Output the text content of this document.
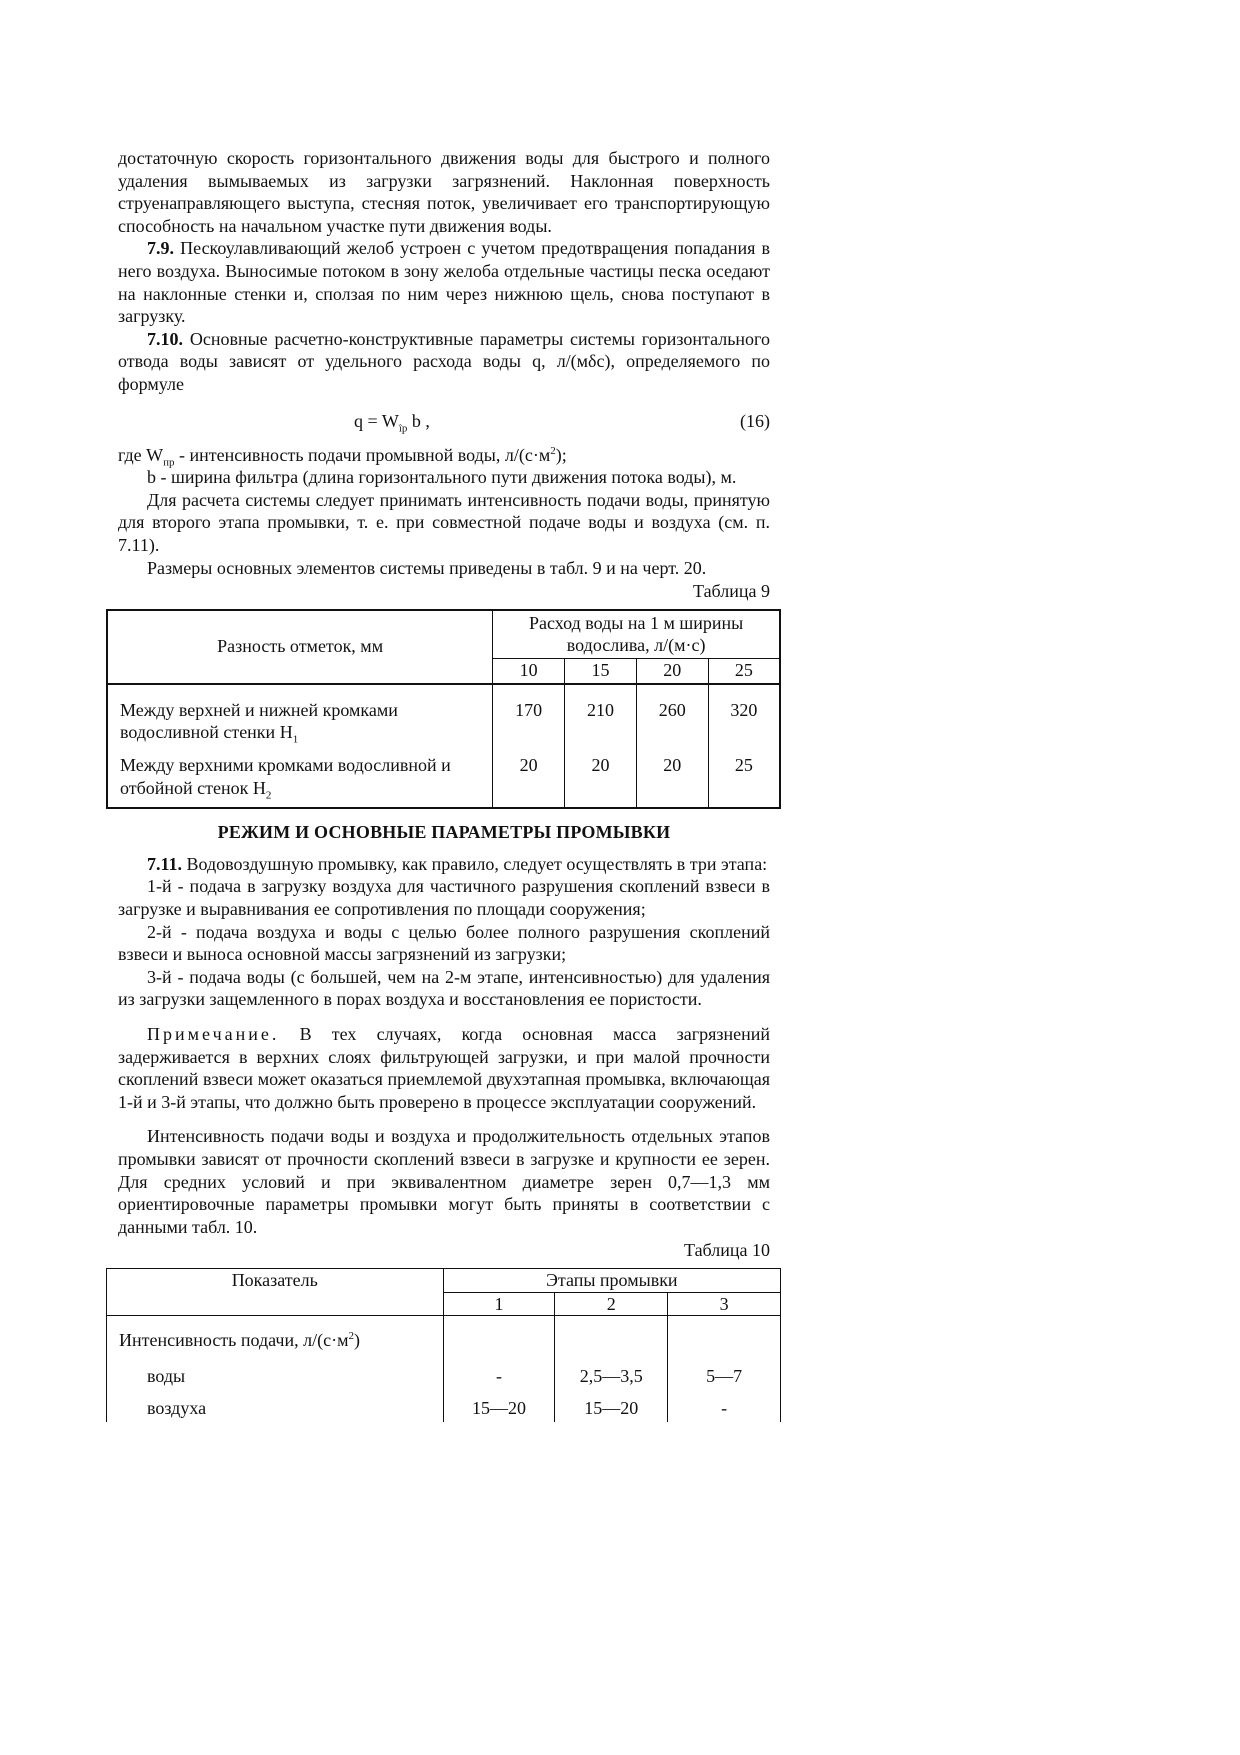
достаточную скорость горизонтального движения воды для быстрого и полного удаления вымываемых из загрузки загрязнений. Наклонная поверхность струенаправляющего выступа, стесняя поток, увеличивает его транспортирующую способность на начальном участке пути движения воды.

7.9. Пескоулавливающий желоб устроен с учетом предотвращения попадания в него воздуха. Выносимые потоком в зону желоба отдельные частицы песка оседают на наклонные стенки и, сползая по ним через нижнюю щель, снова поступают в загрузку.

7.10. Основные расчетно-конструктивные параметры системы горизонтального отвода воды зависят от удельного расхода воды q, л/(мδс), определяемого по формуле

$q = W_{îp}$ b ,	(16)

где $W_{пр}$ - интенсивность подачи промывной воды, $л/(с\cdot м^2)$;

b - ширина фильтра (длина горизонтального пути движения потока воды), м.

Для расчета системы следует принимать интенсивность подачи воды, принятую для второго этапа промывки, т. е. при совместной подаче воды и воздуха (см. п. 7.11).

Размеры основных элементов системы приведены в табл. 9 и на черт. 20.

Таблица 9
Разность отметок, мм	Расход воды на 1 м ширины водослива, л/(м·с)			
	10	15	20	25
Между верхней и нижней кромками водосливной стенки $H_1$	170	210	260	320
Между верхними кромками водосливной и отбойной стенок $H_2$	20	20	20	25
РЕЖИМ И ОСНОВНЫЕ ПАРАМЕТРЫ ПРОМЫВКИ

7.11. Водовоздушную промывку, как правило, следует осуществлять в три этапа:

1-й - подача в загрузку воздуха для частичного разрушения скоплений взвеси в загрузке и выравнивания ее сопротивления по площади сооружения;

2-й - подача воздуха и воды с целью более полного разрушения скоплений взвеси и выноса основной массы загрязнений из загрузки;

3-й - подача воды (с большей, чем на 2-м этапе, интенсивностью) для удаления из загрузки защемленного в порах воздуха и восстановления ее пористости.

Примечание. В тех случаях, когда основная масса загрязнений задерживается в верхних слоях фильтрующей загрузки, и при малой прочности скоплений взвеси может оказаться приемлемой двухэтапная промывка, включающая 1-й и 3-й этапы, что должно быть проверено в процессе эксплуатации сооружений.

Интенсивность подачи воды и воздуха и продолжительность отдельных этапов промывки зависят от прочности скоплений взвеси в загрузке и крупности ее зерен. Для средних условий и при эквивалентном диаметре зерен 0,7—1,3 мм ориентировочные параметры промывки могут быть приняты в соответствии с данными табл. 10.

Таблица 10
Показатель	Этапы промывки		
	1	2	3
Интенсивность подачи, $л/(с\cdot м^2)$			
воды	-	2,5—3,5	5—7
воздуха	15—20	15—20	-
